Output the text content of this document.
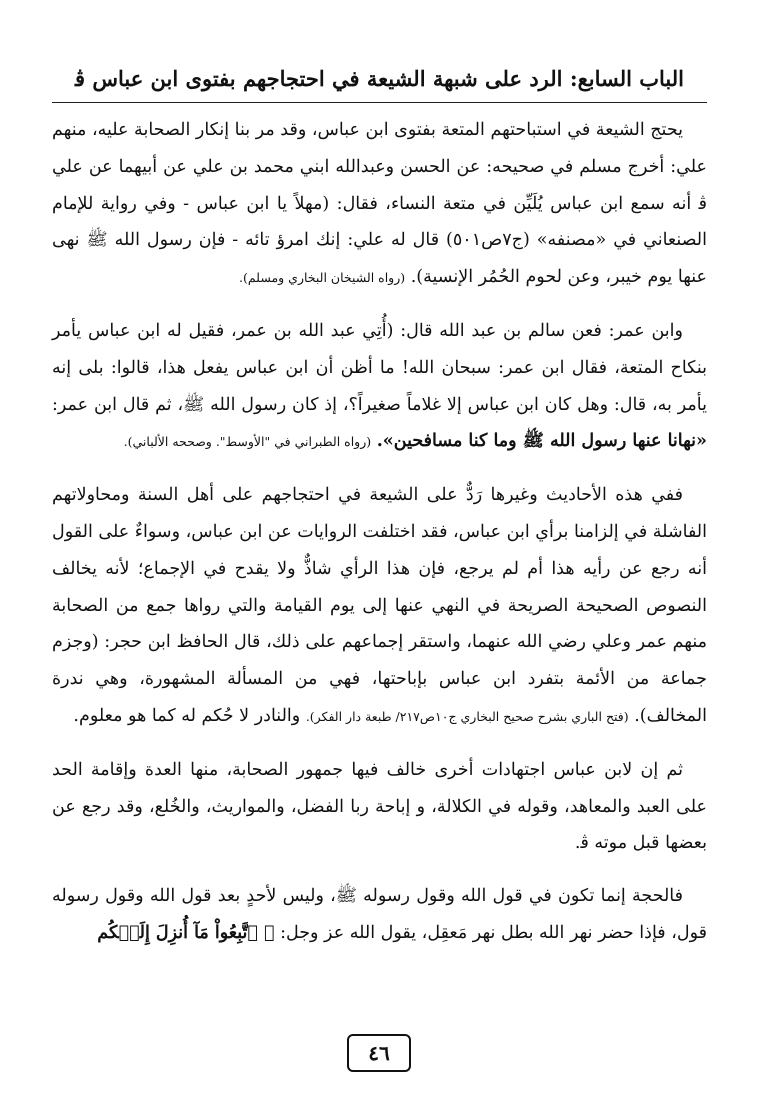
الباب السابع: الرد على شبهة الشيعة في احتجاجهم بفتوى ابن عباس ﭬ

يحتج الشيعة في استباحتهم المتعة بفتوى ابن عباس، وقد مر بنا إنكار الصحابة عليه، منهم علي: أخرج مسلم في صحيحه: عن الحسن وعبدالله ابني محمد بن علي عن أبيهما عن علي ﭬ أنه سمع ابن عباس يُلَيِّن في متعة النساء، فقال: (مهلاً يا ابن عباس - وفي رواية للإمام الصنعاني في «مصنفه» (ج٧ص٥٠١) قال له علي: إنك امرؤ تائه - فإن رسول الله ﷺ نهى عنها يوم خيبر، وعن لحوم الحُمُر الإنسية). (رواه الشيخان البخاري ومسلم).

وابن عمر: فعن سالم بن عبد الله قال: (أُتِي عبد الله بن عمر، فقيل له ابن عباس يأمر بنكاح المتعة، فقال ابن عمر: سبحان الله! ما أظن أن ابن عباس يفعل هذا، قالوا: بلى إنه يأمر به، قال: وهل كان ابن عباس إلا غلاماً صغيراً؟، إذ كان رسول الله ﷺ، ثم قال ابن عمر: «نهانا عنها رسول الله ﷺ وما كنا مسافحين». (رواه الطبراني في "الأوسط". وصححه الألباني).

ففي هذه الأحاديث وغيرها رَدٌّ على الشيعة في احتجاجهم على أهل السنة ومحاولاتهم الفاشلة في إلزامنا برأي ابن عباس، فقد اختلفت الروايات عن ابن عباس، وسواءٌ على القول أنه رجع عن رأيه هذا أم لم يرجع، فإن هذا الرأي شاذٌّ ولا يقدح في الإجماع؛ لأنه يخالف النصوص الصحيحة الصريحة في النهي عنها إلى يوم القيامة والتي رواها جمع من الصحابة منهم عمر وعلي رضي الله عنهما، واستقر إجماعهم على ذلك، قال الحافظ ابن حجر: (وجزم جماعة من الأئمة بتفرد ابن عباس بإباحتها، فهي من المسألة المشهورة، وهي ندرة المخالف). (فتح الباري بشرح صحيح البخاري ج١٠ص٢١٧/ طبعة دار الفكر). والنادر لا حُكم له كما هو معلوم.

ثم إن لابن عباس اجتهادات أخرى خالف فيها جمهور الصحابة، منها العدة وإقامة الحد على العبد والمعاهد، وقوله في الكلالة، و إباحة ربا الفضل، والمواريث، والخُلع، وقد رجع عن بعضها قبل موته ﭬ.

فالحجة إنما تكون في قول الله وقول رسوله ﷺ، وليس لأحدٍ بعد قول الله وقول رسوله قول، فإذا حضر نهر الله بطل نهر مَعقِل، يقول الله عز وجل: ﴿ ٱتَّبِعُواْ مَآ أُنزِلَ إِلَيۡكُم

٤٦
